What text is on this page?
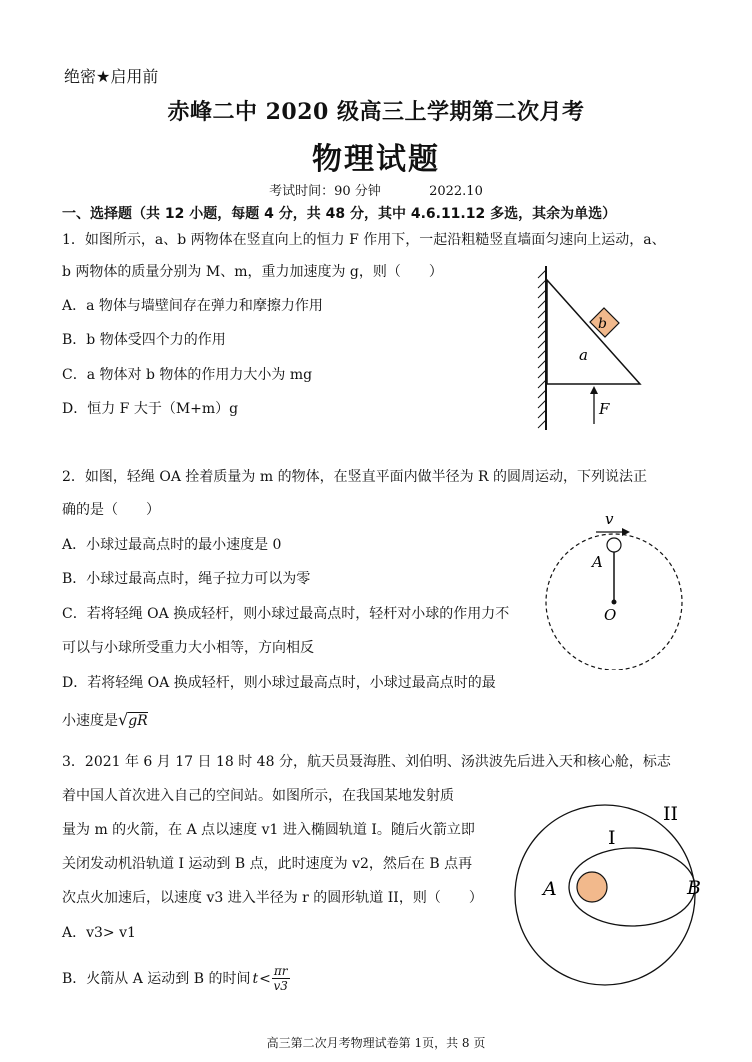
绝密★启用前
赤峰二中 2020 级高三上学期第二次月考
物理试题
考试时间：90 分钟	2022.10
一、选择题（共 12 小题，每题 4 分，共 48 分，其中 4.6.11.12 多选，其余为单选）
1．如图所示，a、b 两物体在竖直向上的恒力 F 作用下，一起沿粗糙竖直墙面匀速向上运动，a、
b 两物体的质量分别为 M、m，重力加速度为 g，则（　　）
A．a 物体与墙壁间存在弹力和摩擦力作用
B．b 物体受四个力的作用
C．a 物体对 b 物体的作用力大小为 mg
D．恒力 F 大于（M+m）g
b
a
F
2．如图，轻绳 OA 拴着质量为 m 的物体，在竖直平面内做半径为 R 的圆周运动，下列说法正
确的是（　　）
A．小球过最高点时的最小速度是 0
B．小球过最高点时，绳子拉力可以为零
C．若将轻绳 OA 换成轻杆，则小球过最高点时，轻杆对小球的作用力不
可以与小球所受重力大小相等，方向相反
D．若将轻绳 OA 换成轻杆，则小球过最高点时，小球过最高点时的最
小速度是√gR
v
A
O
3．2021 年 6 月 17 日 18 时 48 分，航天员聂海胜、刘伯明、汤洪波先后进入天和核心舱，标志
着中国人首次进入自己的空间站。如图所示，在我国某地发射质
量为 m 的火箭，在 A 点以速度 v1 进入椭圆轨道 I。随后火箭立即
关闭发动机沿轨道 I 运动到 B 点，此时速度为 v2，然后在 B 点再
次点火加速后，以速度 v3 进入半径为 r 的圆形轨道 II，则（　　）
A．v3> v1
B．火箭从 A 运动到 B 的时间 $t < \frac{\pi r}{v3}$
I
II
A	B
高三第二次月考物理试卷第 1页，共 8 页
